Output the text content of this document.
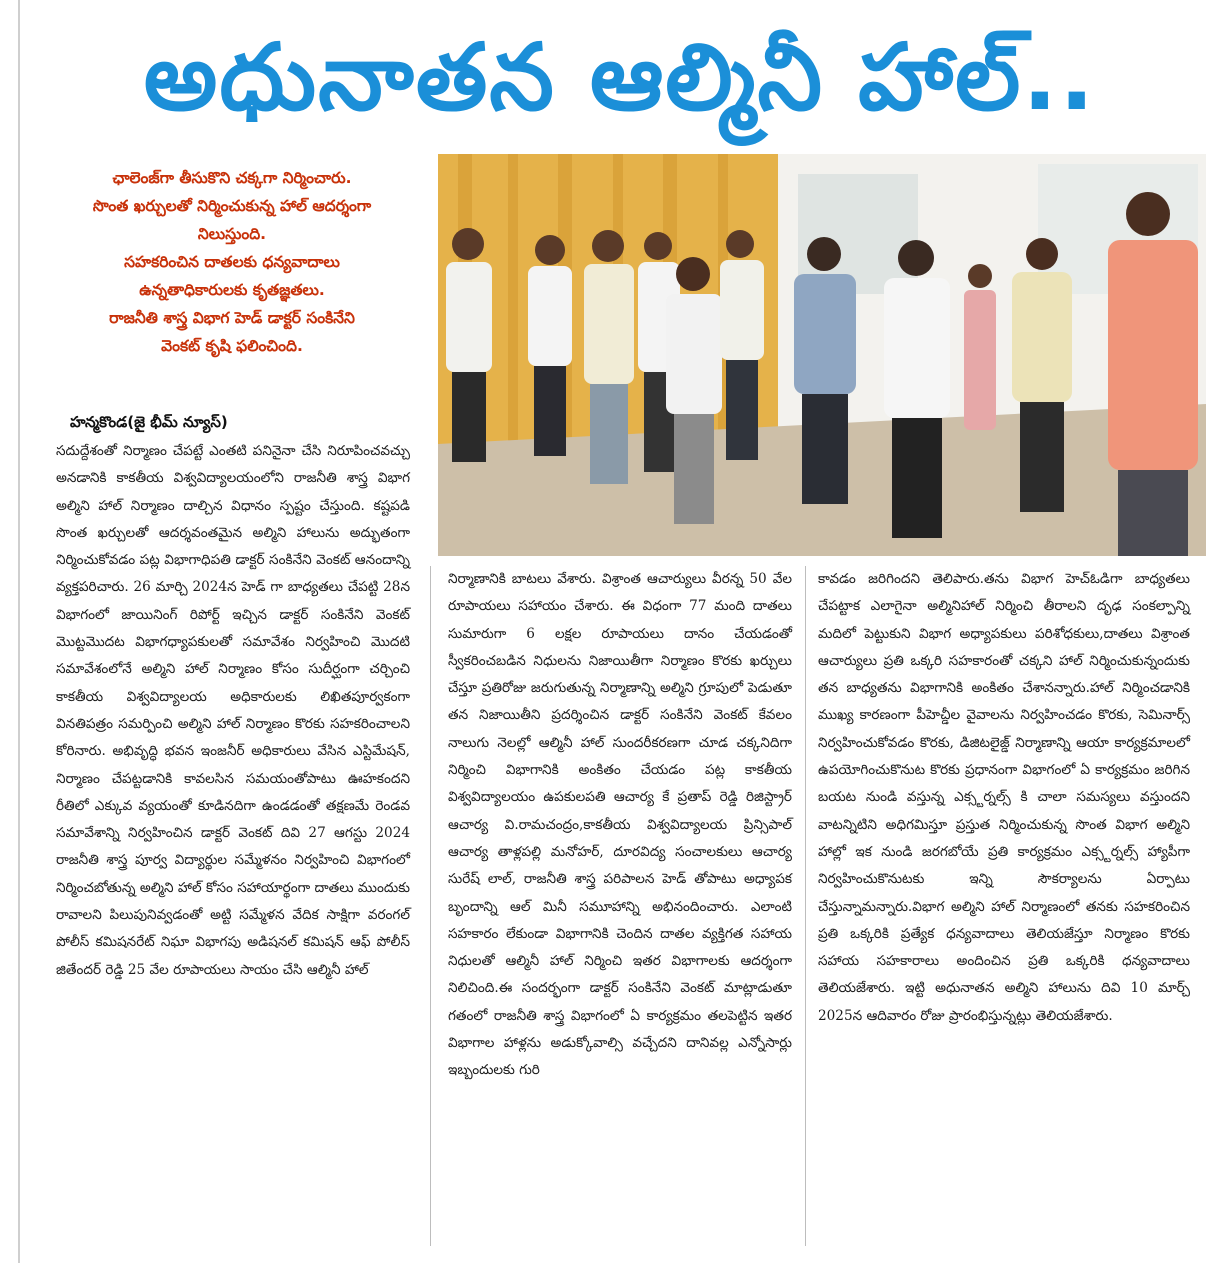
అధునాతన ఆల్మినీ హాల్..
ఛాలెంజ్‌గా తీసుకొని చక్కగా నిర్మించారు.
సొంత ఖర్చులతో నిర్మించుకున్న హాల్ ఆదర్శంగా
నిలుస్తుంది.
సహకరించిన దాతలకు ధన్యవాదాలు
ఉన్నతాధికారులకు కృతజ్ఞతలు.
రాజనీతి శాస్త్ర విభాగ హెడ్ డాక్టర్ సంకినేని
వెంకట్ కృషి ఫలించింది.
హన్మకొండ(జై భీమ్ న్యూస్)

సదుద్దేశంతో నిర్మాణం చేపట్టే ఎంతటి పనినైనా చేసి నిరూపించవచ్చు అనడానికి కాకతీయ విశ్వవిద్యాలయంలోని రాజనీతి శాస్త్ర విభాగ అల్మిని హాల్ నిర్మాణం దాల్చిన విధానం స్పష్టం చేస్తుంది. కష్టపడి సొంత ఖర్చులతో ఆదర్శవంతమైన అల్మిని హాలును అద్భుతంగా నిర్మించుకోవడం పట్ల విభాగాధిపతి డాక్టర్ సంకినేని వెంకట్ ఆనందాన్ని వ్యక్తపరిచారు. 26 మార్చి 2024న హెడ్ గా బాధ్యతలు చేపట్టి 28న విభాగంలో జాయినింగ్ రిపోర్ట్ ఇచ్చిన డాక్టర్ సంకినేని వెంకట్ మొట్టమొదట విభాగధ్యాపకులతో సమావేశం నిర్వహించి మొదటి సమావేశంలోనే అల్మిని హాల్ నిర్మాణం కోసం సుదీర్ఘంగా చర్చించి కాకతీయ విశ్వవిద్యాలయ అధికారులకు లిఖితపూర్వకంగా వినతిపత్రం సమర్పించి అల్మిని హాల్ నిర్మాణం కొరకు సహకరించాలని కోరినారు. అభివృద్ధి భవన ఇంజనీర్ అధికారులు వేసిన ఎస్టిమేషన్, నిర్మాణం చేపట్టడానికి కావలసిన సమయంతోపాటు ఊహకందని రీతిలో ఎక్కువ వ్యయంతో కూడినదిగా ఉండడంతో తక్షణమే రెండవ సమావేశాన్ని నిర్వహించిన డాక్టర్ వెంకట్ దివి 27 ఆగస్టు 2024 రాజనీతి శాస్త్ర పూర్వ విద్యార్థుల సమ్మేళనం నిర్వహించి విభాగంలో నిర్మించబోతున్న అల్మిని హాల్ కోసం సహాయార్థంగా దాతలు ముందుకు రావాలని పిలుపునివ్వడంతో అట్టి సమ్మేళన వేదిక సాక్షిగా వరంగల్ పోలీస్ కమిషనరేట్ నిఘా విభాగపు అడిషనల్ కమిషన్ ఆఫ్ పోలీస్ జితేందర్ రెడ్డి 25 వేల రూపాయలు సాయం చేసి ఆల్మినీ హాల్

నిర్మాణానికి బాటలు వేశారు. విశ్రాంత ఆచార్యులు వీరన్న 50 వేల రూపాయలు సహాయం చేశారు. ఈ విధంగా 77 మంది దాతలు సుమారుగా 6 లక్షల రూపాయలు దానం చేయడంతో స్వీకరించబడిన నిధులను నిజాయితీగా నిర్మాణం కొరకు ఖర్చులు చేస్తూ ప్రతిరోజు జరుగుతున్న నిర్మాణాన్ని అల్మిని గ్రూపులో పెడుతూ తన నిజాయితీని ప్రదర్శించిన డాక్టర్ సంకినేని వెంకట్ కేవలం నాలుగు నెలల్లో ఆల్మినీ హాల్ సుందరీకరణగా చూడ చక్కనిదిగా నిర్మించి విభాగానికి అంకితం చేయడం పట్ల కాకతీయ విశ్వవిద్యాలయం ఉపకులపతి ఆచార్య కే ప్రతాప్ రెడ్డి రిజిస్ట్రార్ ఆచార్య వి.రామచంద్రం,కాకతీయ విశ్వవిద్యాలయ ప్రిన్సిపాల్ ఆచార్య తాళ్లపల్లి మనోహర్, దూరవిద్య సంచాలకులు ఆచార్య సురేష్ లాల్, రాజనీతి శాస్త్ర పరిపాలన హెడ్ తోపాటు అధ్యాపక బృందాన్ని ఆల్ మినీ సమూహాన్ని అభినందించారు. ఎలాంటి సహకారం లేకుండా విభాగానికి చెందిన దాతల వ్యక్తిగత సహాయ నిధులతో ఆల్మినీ హాల్ నిర్మించి ఇతర విభాగాలకు ఆదర్శంగా నిలిచింది.ఈ సందర్భంగా డాక్టర్ సంకినేని వెంకట్ మాట్లాడుతూ గతంలో రాజనీతి శాస్త్ర విభాగంలో ఏ కార్యక్రమం తలపెట్టిన ఇతర విభాగాల హాళ్లను అడుక్కోవాల్సి వచ్చేదని దానివల్ల ఎన్నోసార్లు ఇబ్బందులకు గురి

కావడం జరిగిందని తెలిపారు.తను విభాగ హెచ్ఓడిగా బాధ్యతలు చేపట్టాక ఎలాగైనా అల్మినిహాల్ నిర్మించి తీరాలని దృఢ సంకల్పాన్ని మదిలో పెట్టుకుని విభాగ అధ్యాపకులు పరిశోధకులు,దాతలు విశ్రాంత ఆచార్యులు ప్రతి ఒక్కరి సహకారంతో చక్కని హాల్ నిర్మించుకున్నందుకు తన బాధ్యతను విభాగానికి అంకితం చేశానన్నారు.హాల్ నిర్మించడానికి ముఖ్య కారణంగా పీహెచ్డీల వైవాలను నిర్వహించడం కొరకు, సెమినార్స్ నిర్వహించుకోవడం కొరకు, డిజిటలైజ్డ్ నిర్మాణాన్ని ఆయా కార్యక్రమాలలో ఉపయోగించుకొనుట కొరకు ప్రధానంగా విభాగంలో ఏ కార్యక్రమం జరిగిన బయట నుండి వస్తున్న ఎక్స్టర్నల్స్ కి చాలా సమస్యలు వస్తుందని వాటన్నిటిని అధిగమిస్తూ ప్రస్తుత నిర్మించుకున్న సొంత విభాగ అల్మిని హాల్లో ఇక నుండి జరగబోయే ప్రతి కార్యక్రమం ఎక్స్టర్నల్స్ హ్యాపీగా నిర్వహించుకొనుటకు ఇన్ని సౌకర్యాలను ఏర్పాటు చేస్తున్నామన్నారు.విభాగ అల్మిని హాల్ నిర్మాణంలో తనకు సహకరించిన ప్రతి ఒక్కరికి ప్రత్యేక ధన్యవాదాలు తెలియజేస్తూ నిర్మాణం కొరకు సహాయ సహకారాలు అందించిన ప్రతి ఒక్కరికి ధన్యవాదాలు తెలియజేశారు. ఇట్టి అధునాతన అల్మిని హాలును దివి 10 మార్చ్ 2025న ఆదివారం రోజు ప్రారంభిస్తున్నట్లు తెలియజేశారు.
